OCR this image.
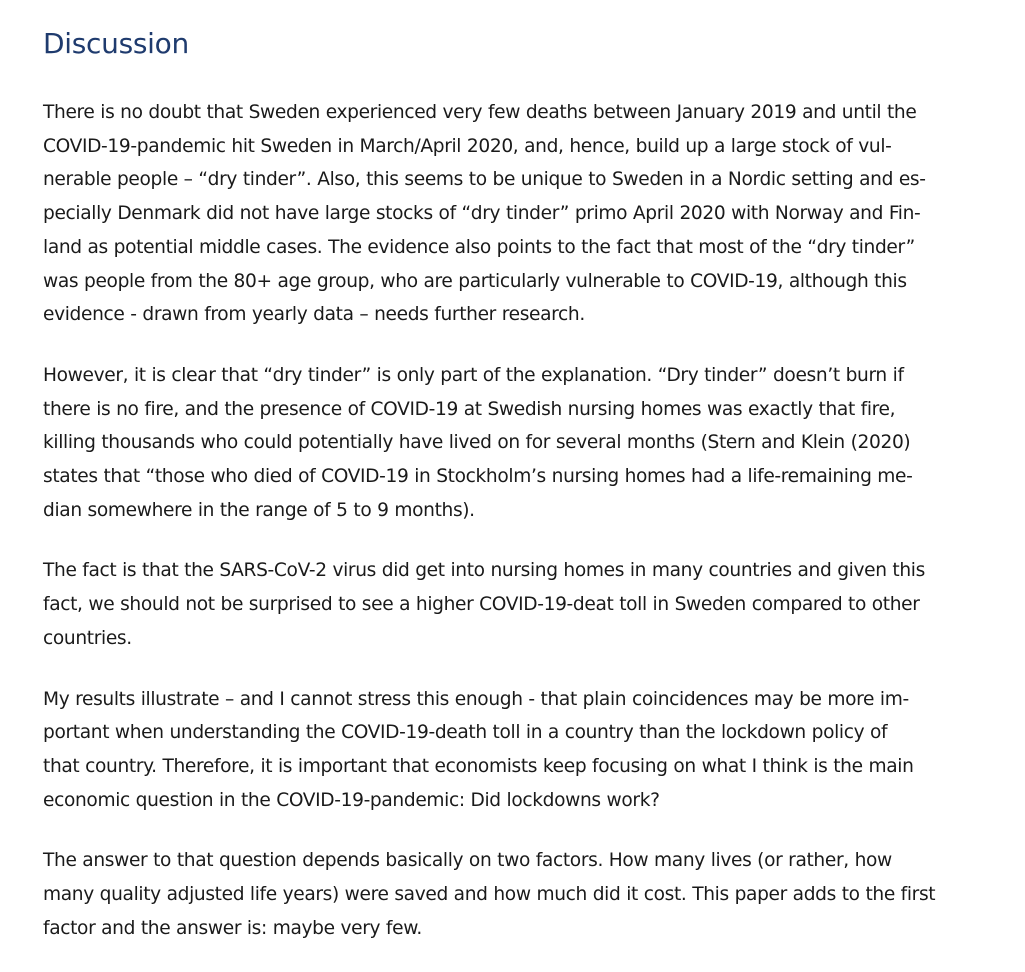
Discussion

There is no doubt that Sweden experienced very few deaths between January 2019 and until the
COVID-19-pandemic hit Sweden in March/April 2020, and, hence, build up a large stock of vul-
nerable people – “dry tinder”. Also, this seems to be unique to Sweden in a Nordic setting and es-
pecially Denmark did not have large stocks of “dry tinder” primo April 2020 with Norway and Fin-
land as potential middle cases. The evidence also points to the fact that most of the “dry tinder”
was people from the 80+ age group, who are particularly vulnerable to COVID-19, although this
evidence - drawn from yearly data – needs further research.

However, it is clear that “dry tinder” is only part of the explanation. “Dry tinder” doesn’t burn if
there is no fire, and the presence of COVID-19 at Swedish nursing homes was exactly that fire,
killing thousands who could potentially have lived on for several months (Stern and Klein (2020)
states that “those who died of COVID-19 in Stockholm’s nursing homes had a life-remaining me-
dian somewhere in the range of 5 to 9 months).

The fact is that the SARS-CoV-2 virus did get into nursing homes in many countries and given this
fact, we should not be surprised to see a higher COVID-19-deat toll in Sweden compared to other
countries.

My results illustrate – and I cannot stress this enough - that plain coincidences may be more im-
portant when understanding the COVID-19-death toll in a country than the lockdown policy of
that country. Therefore, it is important that economists keep focusing on what I think is the main
economic question in the COVID-19-pandemic: Did lockdowns work?

The answer to that question depends basically on two factors. How many lives (or rather, how
many quality adjusted life years) were saved and how much did it cost. This paper adds to the first
factor and the answer is: maybe very few.
